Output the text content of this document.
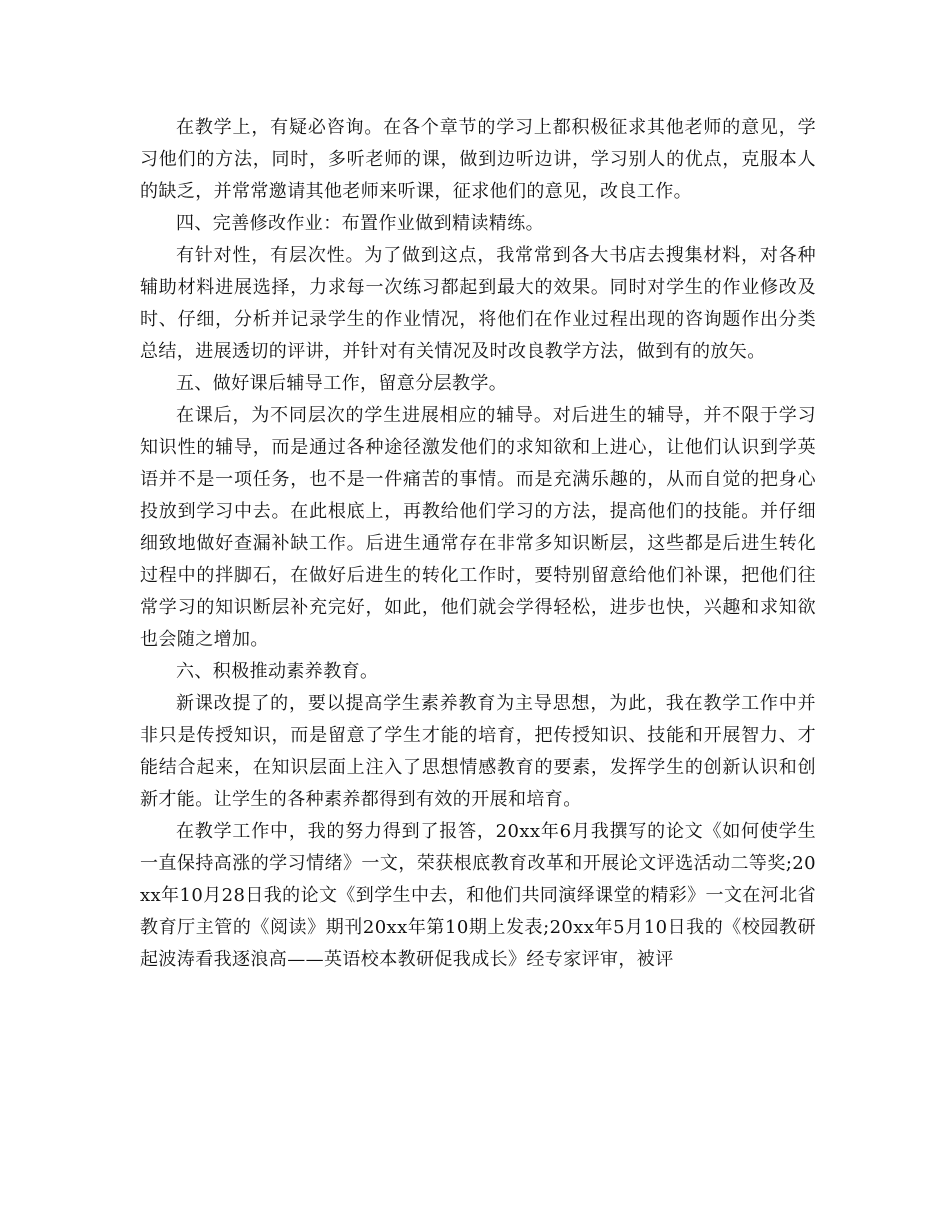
在教学上，有疑必咨询。在各个章节的学习上都积极征求其他老师的意见，学习他们的方法，同时，多听老师的课，做到边听边讲，学习别人的优点，克服本人的缺乏，并常常邀请其他老师来听课，征求他们的意见，改良工作。

四、完善修改作业：布置作业做到精读精练。

有针对性，有层次性。为了做到这点，我常常到各大书店去搜集材料，对各种辅助材料进展选择，力求每一次练习都起到最大的效果。同时对学生的作业修改及时、仔细，分析并记录学生的作业情况，将他们在作业过程出现的咨询题作出分类总结，进展透切的评讲，并针对有关情况及时改良教学方法，做到有的放矢。

五、做好课后辅导工作，留意分层教学。

在课后，为不同层次的学生进展相应的辅导。对后进生的辅导，并不限于学习知识性的辅导，而是通过各种途径激发他们的求知欲和上进心，让他们认识到学英语并不是一项任务，也不是一件痛苦的事情。而是充满乐趣的，从而自觉的把身心投放到学习中去。在此根底上，再教给他们学习的方法，提高他们的技能。并仔细细致地做好查漏补缺工作。后进生通常存在非常多知识断层，这些都是后进生转化过程中的拌脚石，在做好后进生的转化工作时，要特别留意给他们补课，把他们往常学习的知识断层补充完好，如此，他们就会学得轻松，进步也快，兴趣和求知欲也会随之增加。

六、积极推动素养教育。

新课改提了的，要以提高学生素养教育为主导思想，为此，我在教学工作中并非只是传授知识，而是留意了学生才能的培育，把传授知识、技能和开展智力、才能结合起来，在知识层面上注入了思想情感教育的要素，发挥学生的创新认识和创新才能。让学生的各种素养都得到有效的开展和培育。

在教学工作中，我的努力得到了报答，20xx年6月我撰写的论文《如何使学生一直保持高涨的学习情绪》一文，荣获根底教育改革和开展论文评选活动二等奖;20xx年10月28日我的论文《到学生中去，和他们共同演绎课堂的精彩》一文在河北省教育厅主管的《阅读》期刊20xx年第10期上发表;20xx年5月10日我的《校园教研起波涛看我逐浪高——英语校本教研促我成长》经专家评审，被评
